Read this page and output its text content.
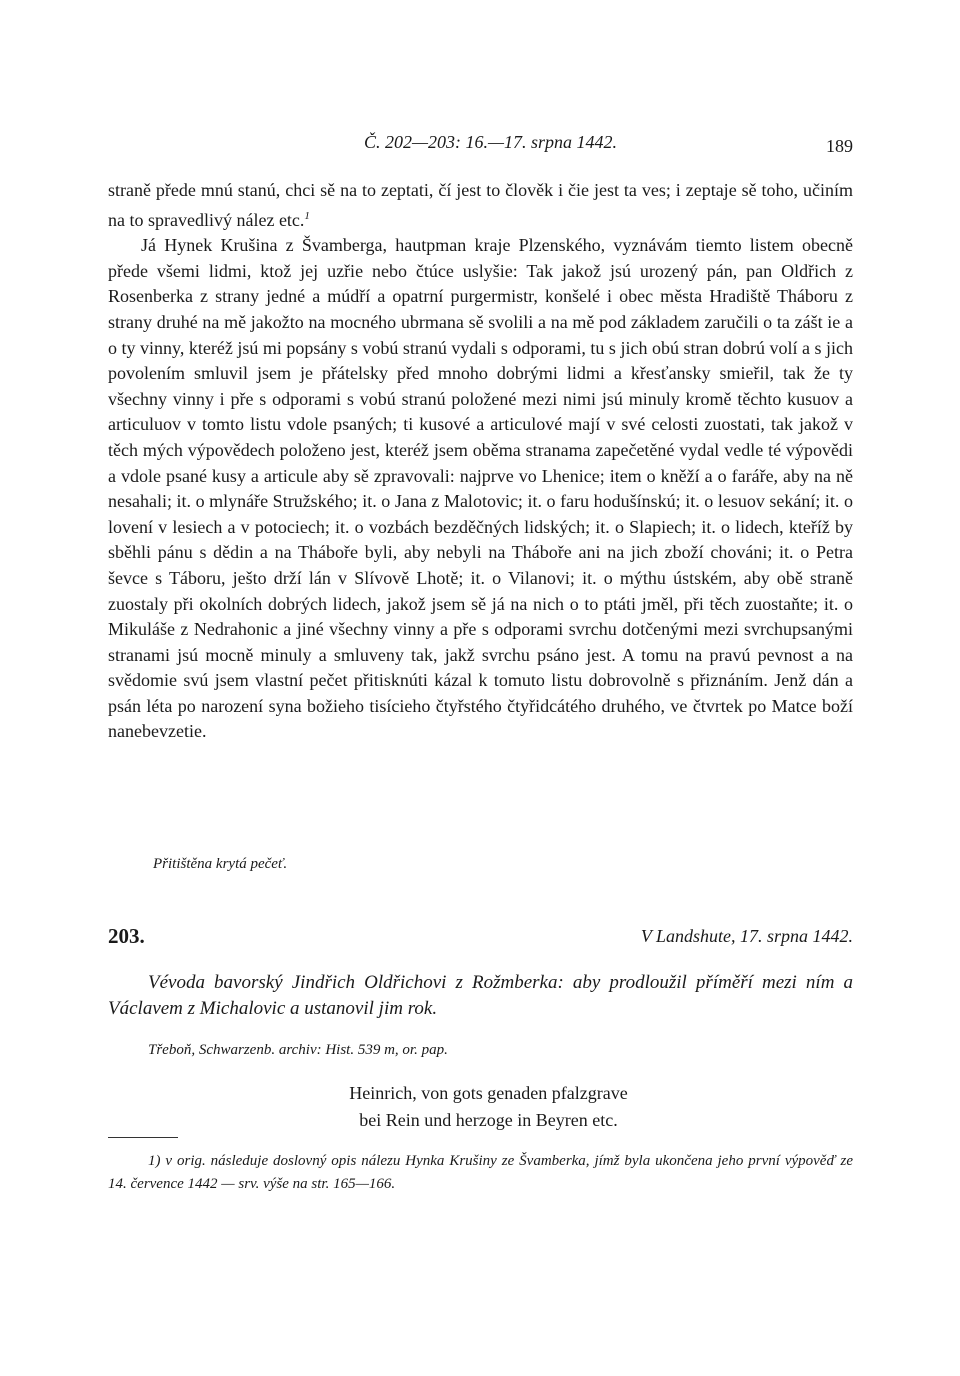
Č. 202—203: 16.—17. srpna 1442.	189

straně přede mnú stanú, chci sě na to zeptati, čí jest to člověk i čie jest ta ves; i zeptaje sě toho, učiním na to spravedlivý nález etc.$^1$

Já Hynek Krušina z Švamberga, hautpman kraje Plzenského, vyznávám tiemto listem obecně přede všemi lidmi, ktož jej uzřie nebo čtúce uslyšie: Tak jakož jsú urozený pán, pan Oldřich z Rosenberka z strany jedné a múdří a opatrní purgermistr, konšelé i obec města Hradiště Tháboru z strany druhé na mě jakožto na mocného ubrmana sě svolili a na mě pod základem zaručili o ta zášt ie a o ty vinny, kteréž jsú mi popsány s vobú stranú vydali s odporami, tu s jich obú stran dobrú volí a s jich povolením smluvil jsem je přátelsky před mnoho dobrými lidmi a křesťansky smieřil, tak že ty všechny vinny i pře s odporami s vobú stranú položené mezi nimi jsú minuly kromě těchto kusuov a articuluov v tomto listu vdole psaných; ti kusové a articulové mají v své celosti zuostati, tak jakož v těch mých výpovědech položeno jest, kteréž jsem oběma stranama zapečetěné vydal vedle té výpovědi a vdole psané kusy a articule aby sě zpravovali: najprve vo Lhenice; item o kněží a o faráře, aby na ně nesahali; it. o mlynáře Stružského; it. o Jana z Malotovic; it. o faru hodušínskú; it. o lesuov sekání; it. o lovení v lesiech a v potociech; it. o vozbách bezděčných lidských; it. o Slapiech; it. o lidech, kteříž by sběhli pánu s dědin a na Tháboře byli, aby nebyli na Tháboře ani na jich zboží chováni; it. o Petra ševce s Táboru, ješto drží lán v Slívově Lhotě; it. o Vilanovi; it. o mýthu ústském, aby obě straně zuostaly při okolních dobrých lidech, jakož jsem sě já na nich o to ptáti jměl, při těch zuostaňte; it. o Mikuláše z Nedrahonic a jiné všechny vinny a pře s odporami svrchu dotčenými mezi svrchupsanými stranami jsú mocně minuly a smluveny tak, jakž svrchu psáno jest. A tomu na pravú pevnost a na svědomie svú jsem vlastní pečet přitisknúti kázal k tomuto listu dobrovolně s přiznáním. Jenž dán a psán léta po narození syna božieho tisícieho čtyřstého čtyřidcátého druhého, ve čtvrtek po Matce boží nanebevzetie.

Přitištěna krytá pečeť.
203.	V Landshute, 17. srpna 1442.
Vévoda bavorský Jindřich Oldřichovi z Rožmberka: aby prodloužil příměří mezi ním a Václavem z Michalovic a ustanovil jim rok.
Třeboň, Schwarzenb. archiv: Hist. 539 m, or. pap.
Heinrich, von gots genaden pfalzgrave
bei Rein und herzoge in Beyren etc.
1) v orig. následuje doslovný opis nálezu Hynka Krušiny ze Švamberka, jímž byla ukončena jeho první výpověď ze 14. července 1442 — srv. výše na str. 165—166.
